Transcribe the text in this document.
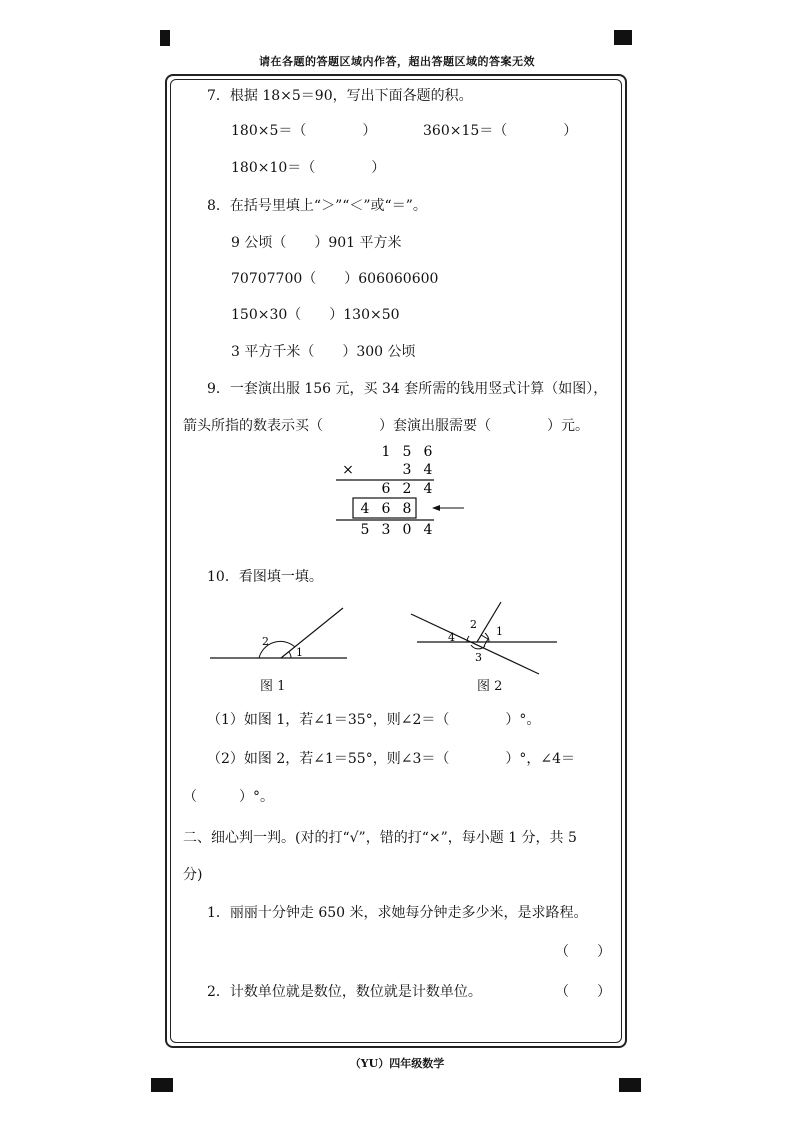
请在各题的答题区域内作答，超出答题区域的答案无效
7．根据 18×5＝90，写出下面各题的积。
180×5＝（　　　　）	360×15＝（　　　　）
180×10＝（　　　　）
8．在括号里填上“＞”“＜”或“＝”。
9 公顷（　　）901 平方米
70707700（　　）606060600
150×30（　　）130×50
3 平方千米（　　）300 公顷
9．一套演出服 156 元，买 34 套所需的钱用竖式计算（如图），
箭头所指的数表示买（　　　　）套演出服需要（　　　　）元。
1 5 6
×	3 4
6 2 4
4 6 8
5 3 0 4
10．看图填一填。
2
1
图 1
2
1
4
3
图 2
（1）如图 1，若∠1＝35°，则∠2＝（　　　　）°。
（2）如图 2，若∠1＝55°，则∠3＝（　　　　）°，∠4＝
（　　　）°。
二、细心判一判。(对的打“√”，错的打“×”，每小题 1 分，共 5
分)
1．丽丽十分钟走 650 米，求她每分钟走多少米，是求路程。
（　　）
2．计数单位就是数位，数位就是计数单位。	（　　）
（YU）四年级数学
